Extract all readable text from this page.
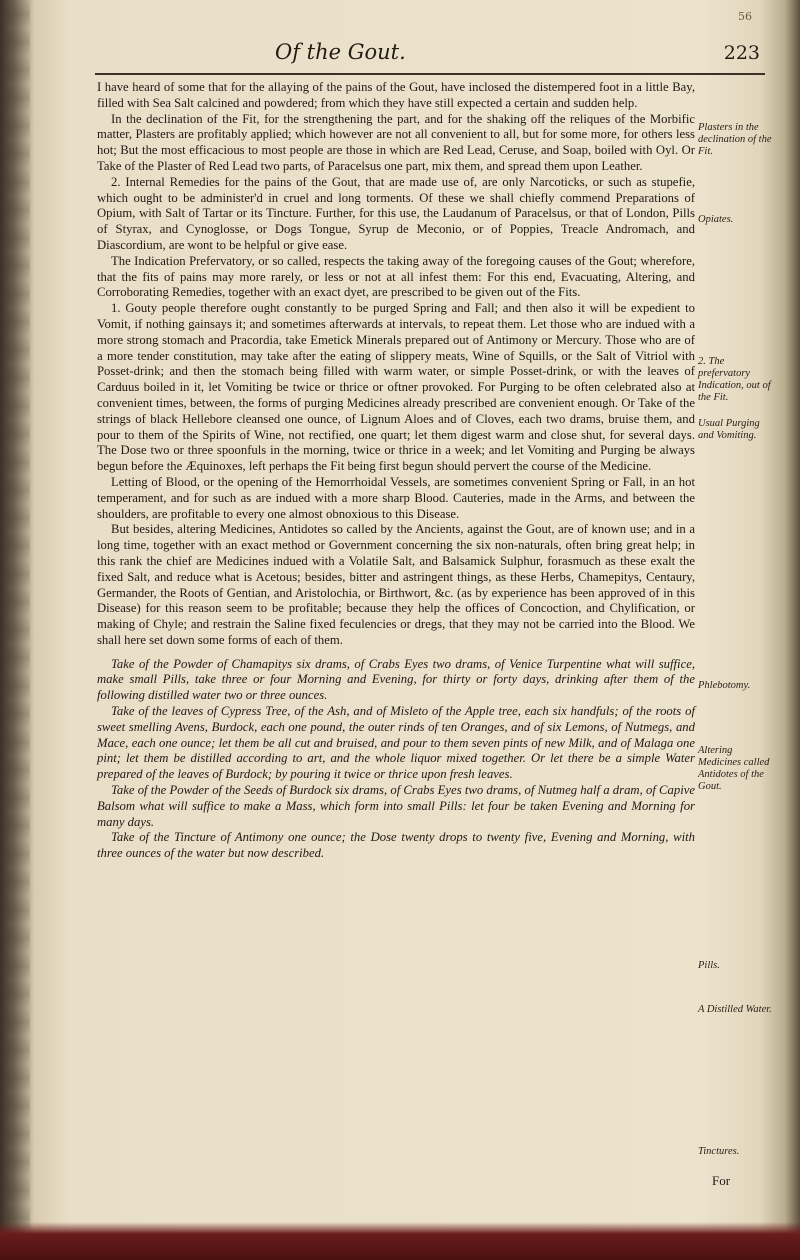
56
Of the Gout.	223

I have heard of some that for the allaying of the pains of the Gout, have inclosed the distempered foot in a little Bay, filled with Sea Salt calcined and powdered; from which they have still expected a certain and sudden help.

In the declination of the Fit, for the strengthening the part, and for the shaking off the reliques of the Morbific matter, Plasters are profitably applied; which however are not all convenient to all, but for some more, for others less hot; But the most efficacious to most people are those in which are Red Lead, Ceruse, and Soap, boiled with Oyl. Or Take of the Plaster of Red Lead two parts, of Paracelsus one part, mix them, and spread them upon Leather.

2. Internal Remedies for the pains of the Gout, that are made use of, are only Narcoticks, or such as stupefie, which ought to be administer'd in cruel and long torments. Of these we shall chiefly commend Preparations of Opium, with Salt of Tartar or its Tincture. Further, for this use, the Laudanum of Paracelsus, or that of London, Pills of Styrax, and Cynoglosse, or Dogs Tongue, Syrup de Meconio, or of Poppies, Treacle Andromach, and Diascordium, are wont to be helpful or give ease.

The Indication Prefervatory, or so called, respects the taking away of the foregoing causes of the Gout; wherefore, that the fits of pains may more rarely, or less or not at all infest them: For this end, Evacuating, Altering, and Corroborating Remedies, together with an exact dyet, are prescribed to be given out of the Fits.

1. Gouty people therefore ought constantly to be purged Spring and Fall; and then also it will be expedient to Vomit, if nothing gainsays it; and sometimes afterwards at intervals, to repeat them. Let those who are indued with a more strong stomach and Pracordia, take Emetick Minerals prepared out of Antimony or Mercury. Those who are of a more tender constitution, may take after the eating of slippery meats, Wine of Squills, or the Salt of Vitriol with Posset-drink; and then the stomach being filled with warm water, or simple Posset-drink, or with the leaves of Carduus boiled in it, let Vomiting be twice or thrice or oftner provoked. For Purging to be often celebrated also at convenient times, between, the forms of purging Medicines already prescribed are convenient enough. Or Take of the strings of black Hellebore cleansed one ounce, of Lignum Aloes and of Cloves, each two drams, bruise them, and pour to them of the Spirits of Wine, not rectified, one quart; let them digest warm and close shut, for several days. The Dose two or three spoonfuls in the morning, twice or thrice in a week; and let Vomiting and Purging be always begun before the Æquinoxes, left perhaps the Fit being first begun should pervert the course of the Medicine.

Letting of Blood, or the opening of the Hemorrhoidal Vessels, are sometimes convenient Spring or Fall, in an hot temperament, and for such as are indued with a more sharp Blood. Cauteries, made in the Arms, and between the shoulders, are profitable to every one almost obnoxious to this Disease.

But besides, altering Medicines, Antidotes so called by the Ancients, against the Gout, are of known use; and in a long time, together with an exact method or Government concerning the six non-naturals, often bring great help; in this rank the chief are Medicines indued with a Volatile Salt, and Balsamick Sulphur, forasmuch as these exalt the fixed Salt, and reduce what is Acetous; besides, bitter and astringent things, as these Herbs, Chamepitys, Centaury, Germander, the Roots of Gentian, and Aristolochia, or Birthwort, &c. (as by experience has been approved of in this Disease) for this reason seem to be profitable; because they help the offices of Concoction, and Chylification, or making of Chyle; and restrain the Saline fixed feculencies or dregs, that they may not be carried into the Blood. We shall here set down some forms of each of them.

Take of the Powder of Chamapitys six drams, of Crabs Eyes two drams, of Venice Turpentine what will suffice, make small Pills, take three or four Morning and Evening, for thirty or forty days, drinking after them of the following distilled water two or three ounces.

Take of the leaves of Cypress Tree, of the Ash, and of Misleto of the Apple tree, each six handfuls; of the roots of sweet smelling Avens, Burdock, each one pound, the outer rinds of ten Oranges, and of six Lemons, of Nutmegs, and Mace, each one ounce; let them be all cut and bruised, and pour to them seven pints of new Milk, and of Malaga one pint; let them be distilled according to art, and the whole liquor mixed together. Or let there be a simple Water prepared of the leaves of Burdock; by pouring it twice or thrice upon fresh leaves.

Take of the Powder of the Seeds of Burdock six drams, of Crabs Eyes two drams, of Nutmeg half a dram, of Capive Balsom what will suffice to make a Mass, which form into small Pills: let four be taken Evening and Morning for many days.

Take of the Tincture of Antimony one ounce; the Dose twenty drops to twenty five, Evening and Morning, with three ounces of the water but now described.

Plasters in the declination of the Fit.
Opiates.
2. The prefervatory Indication, out of the Fit.
Usual Purging and Vomiting.
Phlebotomy.
Altering Medicines called Antidotes of the Gout.
Pills.
A Distilled Water.
Tinctures.
For
